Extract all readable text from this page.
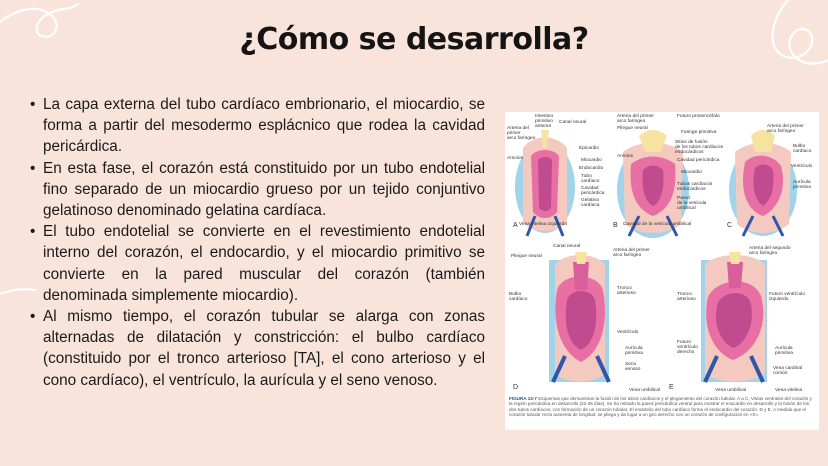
¿Cómo se desarrolla?
• La capa externa del tubo cardíaco embrionario, el miocardio, se forma a partir del mesodermo esplácnico que rodea la cavidad pericárdica.
• En esta fase, el corazón está constituido por un tubo endotelial fino separado de un miocardio grueso por un tejido conjuntivo gelatinoso denominado gelatina cardíaca.
• El tubo endotelial se convierte en el revestimiento endotelial interno del corazón, el endocardio, y el miocardio primitivo se convierte en la pared muscular del corazón (también denominada simplemente miocardio).
• Al mismo tiempo, el corazón tubular se alarga con zonas alternadas de dilatación y constricción: el bulbo cardíaco (constituido por el tronco arterioso [TA], el cono arterioso y el cono cardíaco), el ventrículo, la aurícula y el seno venoso.
A	B	C
D	E
Intestino
primitivo
anterior
Canal neural
Arteria del
primer
arco faríngeo
Amnios
Epicardio
Miocardio
Endocardio
Tubo
cardíaco
Cavidad
pericárdica
Gelatina
cardíaca
Vena vitelina izquierda
Arteria del primer
arco faríngeo
Pliegue neural
Futuro prosencéfalo
Faringe primitiva
Sitios de fusión
de los tubos cardíacos
endocárdicos
Cavidad pericárdica
Miocardio
Tubos cardíacos
endocárdicos
Pared
de la vesícula
umbilical
Amnios
Cavidad de la vesícula umbilical
Arteria del primer
arco faríngeo
Bulbo
cardíaco
Ventrículo
Aurícula
primitiva
Canal neural
Pliegue neural
Arteria del primer
arco faríngeo
Bulbo
cardíaco
Tronco
arterioso
Ventrículo
Aurícula
primitiva
Seno
venoso
Vena umbilical
Arteria del segundo
arco faríngeo
Tronco
arterioso
Futuro ventrículo
izquierdo
Futuro
ventrículo
derecho
Aurícula
primitiva
Vena cardinal
común
Vena vitelina
Vena umbilical
FIGURA 13-7 Esquemas que demuestran la fusión de los tubos cardíacos y el plegamiento del corazón tubular. A a C, Vistas ventrales del corazón y la región pericárdica en desarrollo (22-35 días). Se ha retirado la pared pericárdica ventral para mostrar el miocardio en desarrollo y la fusión de los dos tubos cardíacos, con formación de un corazón tubular. El endotelio del tubo cardíaco forma el endocardio del corazón. D y E, A medida que el corazón tubular recto aumenta de longitud, se pliega y da lugar a un giro derecho con un corazón de configuración en «S».
